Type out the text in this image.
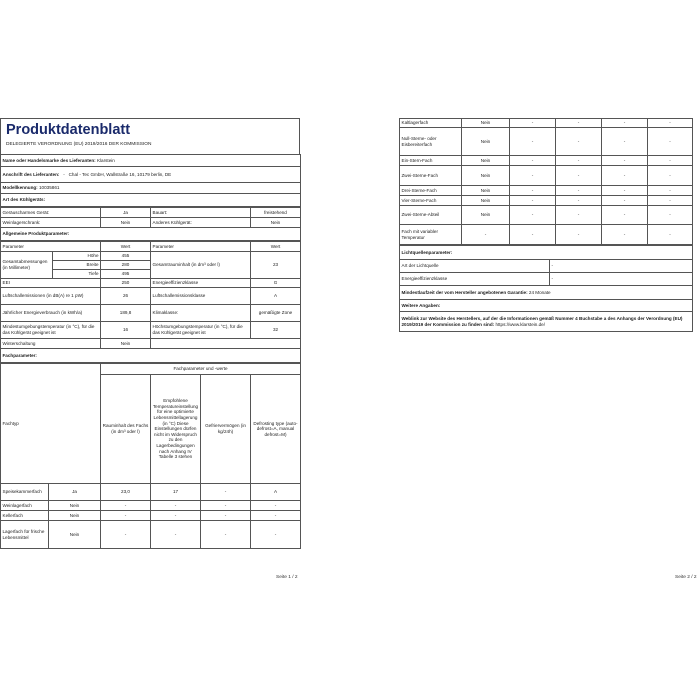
Produktdatenblatt
DELEGIERTE VERORDNUNG (EU) 2019/2016 DER KOMMISSION
Name oder Handelsmarke des Lieferanten: Klarstein
Anschrift des Lieferanten:   -   Chal - Tec GmbH, Wallstraße 16, 10179 berlin, DE
Modellkennung: 10035861
Art des Kühlgeräts:
Geräuscharmes Gerät:	Ja	Bauart:	freistehend
Weinlagerschrank:	Nein	Anderes Kühlgerät:	Nein
Allgemeine Produktparameter:			
Parameter		Wert	Parameter	Wert
Gesamtabmessungen (in Millimeter)	Höhe	455	Gesamtrauminhalt (in dm³ oder l)	23
	Breite	280		
	Tiefe	495		
EEI		250	Energieeffizienzklasse	G
Luftschallemissionen (in dB(A) re 1 pW)		26	Luftschallemissionsklasse	A
Jährlicher Energieverbrauch (in kWh/a)		189,8	Klimaklasse:	gemäßigte Zone
Mindestumgebungstemperatur (in °C), für die das Kühlgerät geeignet ist		16	Höchstumgebungstemperatur (in °C), für die das Kühlgerät geeignet ist	32
Winterschaltung		Nein		
Fachparameter:				
Fachtyp		Fachparameter und -werte			
		Rauminhalt des Fachs (in dm³ oder l)	Empfohlene Temperatureinstellung für eine optimierte Lebensmittellagerung (in °C) Diese Einstellungen dürfen nicht im Widerspruch zu den Lagerbedingungen nach Anhang IV Tabelle 3 stehen	Gefriervermögen (in kg/24h)	Defrosting type (auto-defrost=A, manual defrost=M)
Speisekammerfach	Ja	23,0	17	-	A
Weinlagerfach	Nein	-	-	-	-
Kellerfach	Nein	-	-	-	-
Lagerfach für frische Lebensmittel	Nein	-	-	-	-
Seite 1 / 2
Kaltlagerfach	Nein	-	-	-	-
Null-Sterne- oder Eisbereiterfach	Nein	-	-	-	-
Ein-Stern-Fach	Nein	-	-	-	-
Zwei-Sterne-Fach	Nein	-	-	-	-
Drei-Sterne-Fach	Nein	-	-	-	-
Vier-Sterne-Fach	Nein	-	-	-	-
Zwei-Sterne-Abteil	Nein	-	-	-	-
Fach mit variabler Temperatur	-	-	-	-	-
Lichtquellenparameter:	
Art der Lichtquelle	-
Energieeffizienzklasse	-
Mindestlaufzeit der vom Hersteller angebotenen Garantie: 24 Monate	
Weitere Angaben:	
Weblink zur Website des Herstellers, auf der die Informationen gemäß Nummer 4 Buchstabe a des Anhangs der Verordnung (EU) 2019/2019 der Kommission zu finden sind: https://www.klarstein.de/	
Seite 2 / 2
